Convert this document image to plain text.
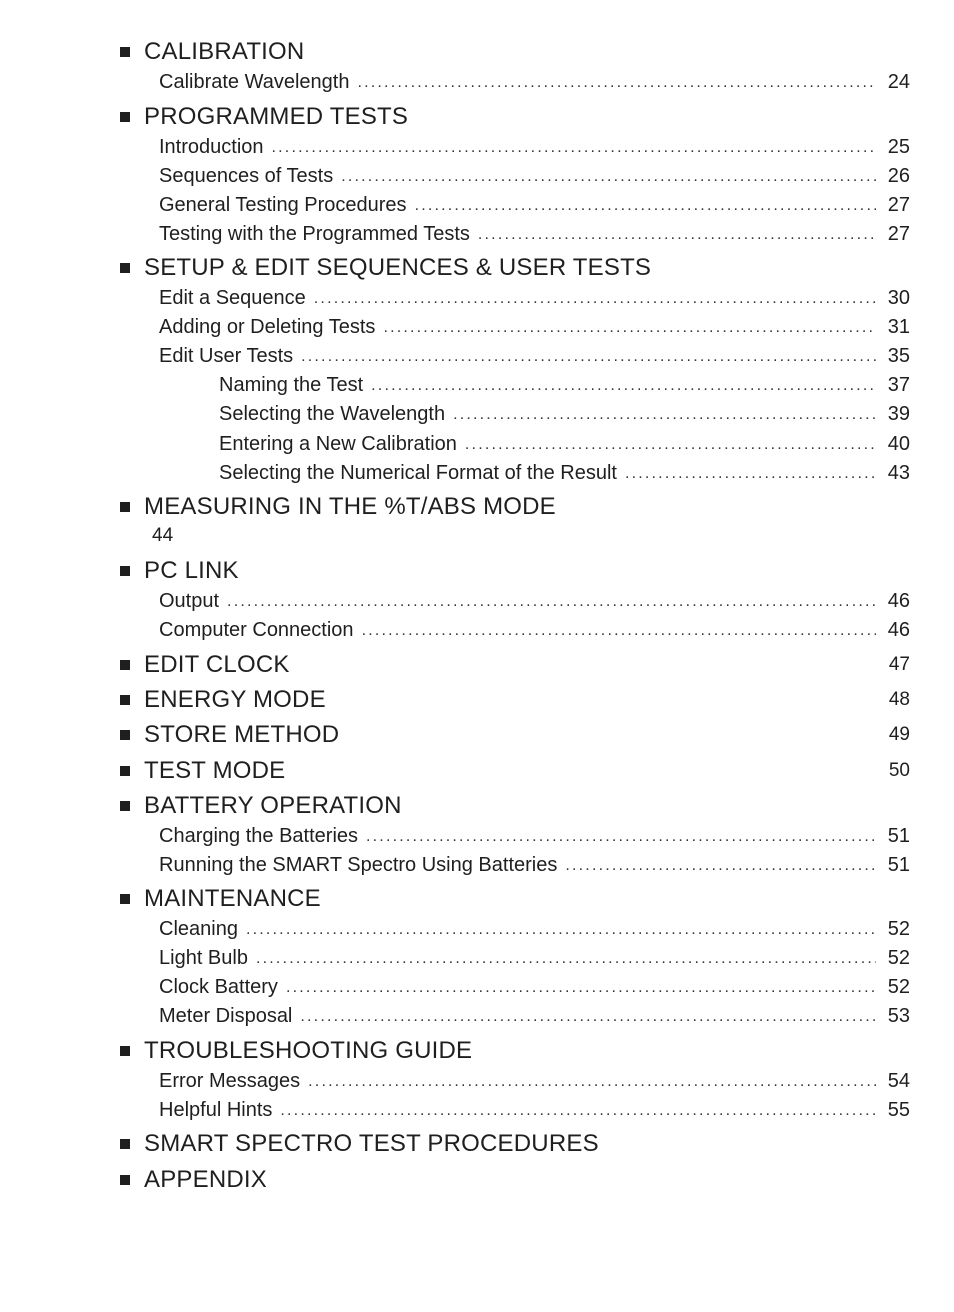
CALIBRATION
Calibrate Wavelength .....	24
PROGRAMMED TESTS
Introduction .....	25
Sequences of Tests .....	26
General Testing Procedures .....	27
Testing with the Programmed Tests .....	27
SETUP & EDIT SEQUENCES & USER TESTS
Edit a Sequence .....	30
Adding or Deleting Tests .....	31
Edit User Tests .....	35
Naming the Test .....	37
Selecting the Wavelength .....	39
Entering a New Calibration .....	40
Selecting the Numerical Format of the Result .....	43
MEASURING IN THE %T/ABS MODE
44
PC LINK
Output .....	46
Computer Connection .....	46
EDIT CLOCK	47
ENERGY MODE	48
STORE METHOD	49
TEST MODE	50
BATTERY OPERATION
Charging the Batteries .....	51
Running the SMART Spectro Using Batteries .....	51
MAINTENANCE
Cleaning .....	52
Light Bulb .....	52
Clock Battery .....	52
Meter Disposal .....	53
TROUBLESHOOTING GUIDE
Error Messages .....	54
Helpful Hints .....	55
SMART SPECTRO TEST PROCEDURES
APPENDIX
